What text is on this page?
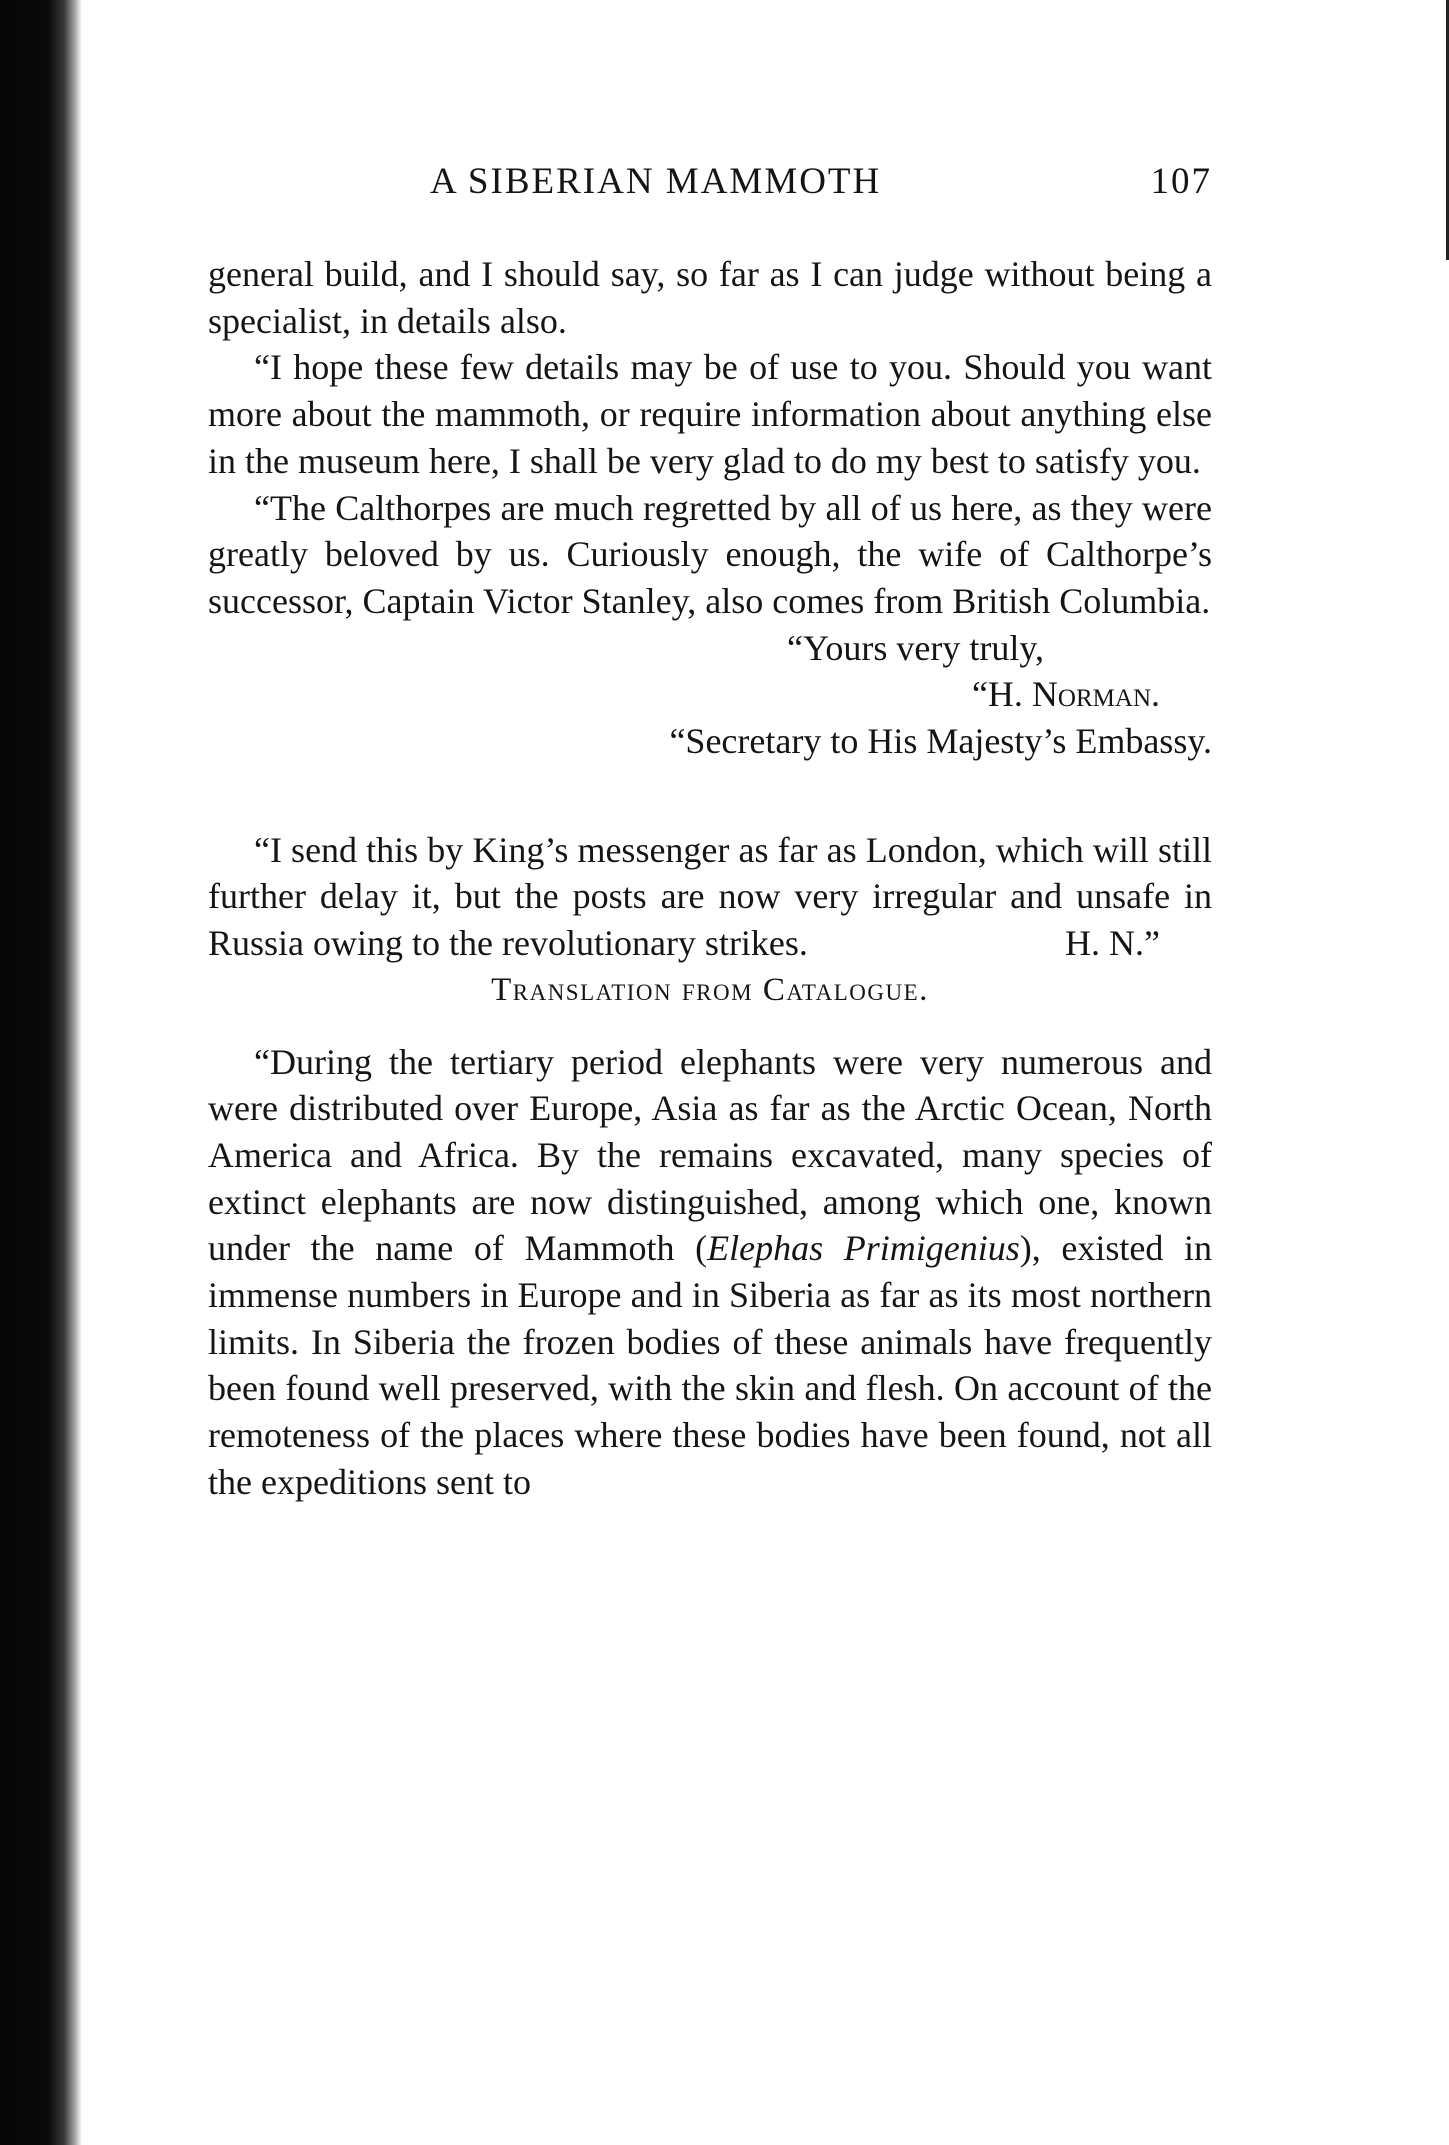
A SIBERIAN MAMMOTH	107

general build, and I should say, so far as I can judge without being a specialist, in details also.

“I hope these few details may be of use to you. Should you want more about the mammoth, or require information about anything else in the museum here, I shall be very glad to do my best to satisfy you.

“The Calthorpes are much regretted by all of us here, as they were greatly beloved by us. Curiously enough, the wife of Calthorpe’s successor, Captain Victor Stanley, also comes from British Columbia.

“Yours very truly,

“H. Norman.

“Secretary to His Majesty’s Embassy.

“I send this by King’s messenger as far as London, which will still further delay it, but the posts are now very irregular and unsafe in Russia owing to the revolutionary strikes.	H. N.”

Translation from Catalogue.

“During the tertiary period elephants were very numerous and were distributed over Europe, Asia as far as the Arctic Ocean, North America and Africa. By the remains excavated, many species of extinct elephants are now distinguished, among which one, known under the name of Mammoth (Elephas Primigenius), existed in immense numbers in Europe and in Siberia as far as its most northern limits. In Siberia the frozen bodies of these animals have frequently been found well preserved, with the skin and flesh. On account of the remoteness of the places where these bodies have been found, not all the expeditions sent to
